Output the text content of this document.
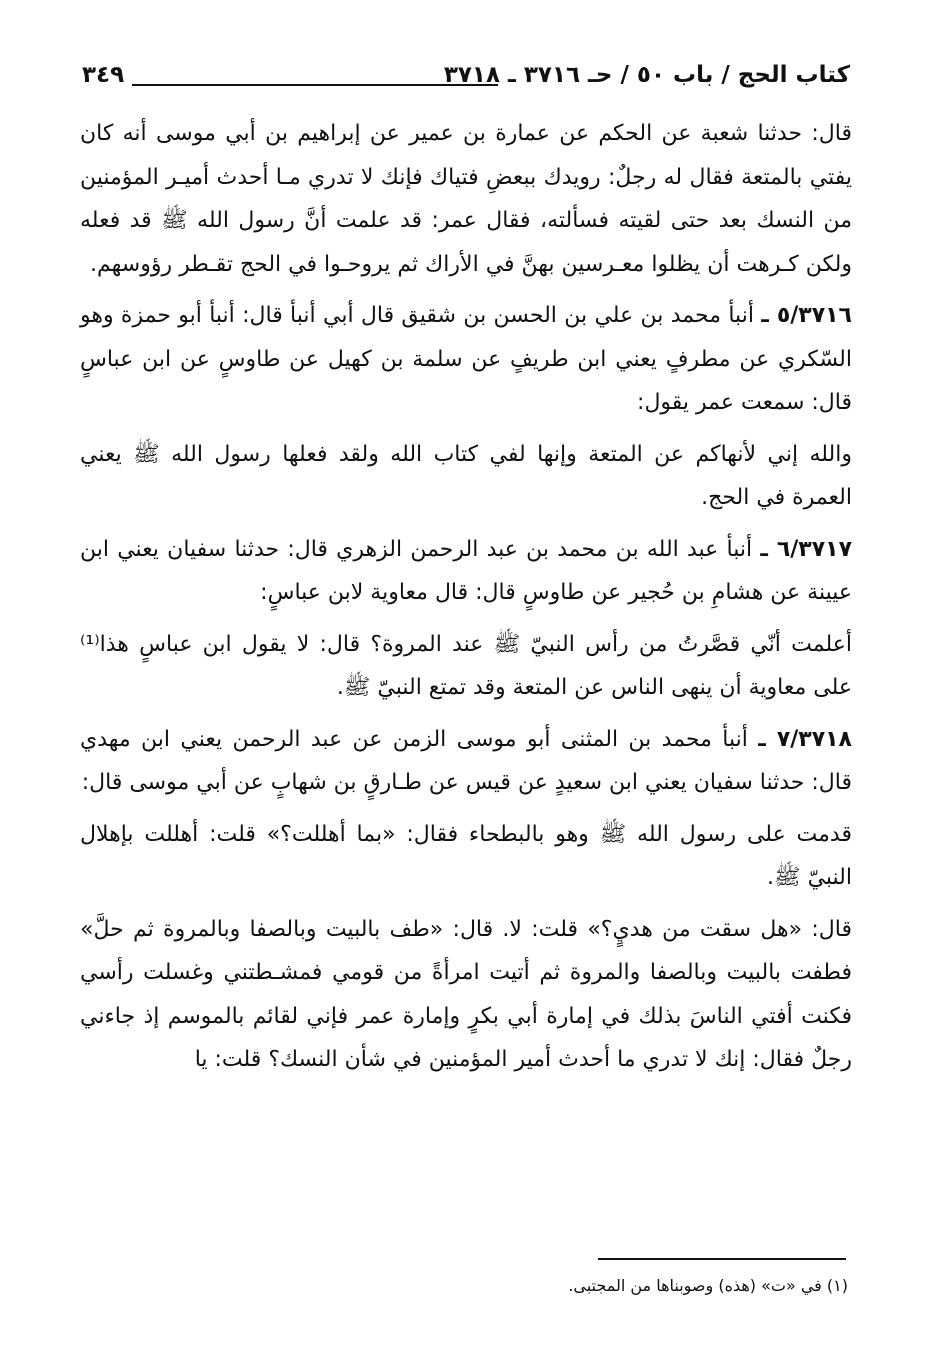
كتاب الحج / باب ٥٠ / حـ ٣٧١٦ ـ ٣٧١٨
٣٤٩

قال: حدثنا شعبة عن الحكم عن عمارة بن عمير عن إبراهيم بن أبي موسى أنه كان يفتي بالمتعة فقال له رجلٌ: رويدك ببعضِ فتياك فإنك لا تدري مـا أحدث أميـر المؤمنين من النسك بعد حتى لقيته فسألته، فقال عمر: قد علمت أنَّ رسول الله ﷺ قد فعله ولكن كـرهت أن يظلوا معـرسين بهنَّ في الأراك ثم يروحـوا في الحج تقـطر رؤوسهم.

٥/٣٧١٦ ـ أنبأ محمد بن علي بن الحسن بن شقيق قال أبي أنبأ قال: أنبأ أبو حمزة وهو السّكري عن مطرفٍ يعني ابن طريفٍ عن سلمة بن كهيل عن طاوسٍ عن ابن عباسٍ قال: سمعت عمر يقول:

والله إني لأنهاكم عن المتعة وإنها لفي كتاب الله ولقد فعلها رسول الله ﷺ يعني العمرة في الحج.

٦/٣٧١٧ ـ أنبأ عبد الله بن محمد بن عبد الرحمن الزهري قال: حدثنا سفيان يعني ابن عيينة عن هشامِ بن حُجير عن طاوسٍ قال: قال معاوية لابن عباسٍ:

أعلمت أنّي قصَّرتُ من رأس النبيّ ﷺ عند المروة؟ قال: لا يقول ابن عباسٍ هذا⁽¹⁾ على معاوية أن ينهى الناس عن المتعة وقد تمتع النبيّ ﷺ.

٧/٣٧١٨ ـ أنبأ محمد بن المثنى أبو موسى الزمن عن عبد الرحمن يعني ابن مهدي قال: حدثنا سفيان يعني ابن سعيدٍ عن قيس عن طـارقٍ بن شهابٍ عن أبي موسى قال:

قدمت على رسول الله ﷺ وهو بالبطحاء فقال: «بما أهللت؟» قلت: أهللت بإهلال النبيّ ﷺ.

قال: «هل سقت من هديٍ؟» قلت: لا. قال: «طف بالبيت وبالصفا وبالمروة ثم حلَّ» فطفت بالبيت وبالصفا والمروة ثم أتيت امرأةً من قومي فمشـطتني وغسلت رأسي فكنت أفتي الناسَ بذلك في إمارة أبي بكرٍ وإمارة عمر فإني لقائم بالموسم إذ جاءني رجلٌ فقال: إنك لا تدري ما أحدث أمير المؤمنين في شأن النسك؟ قلت: يا

(١) في «ت» (هذه) وصوبناها من المجتبى.
